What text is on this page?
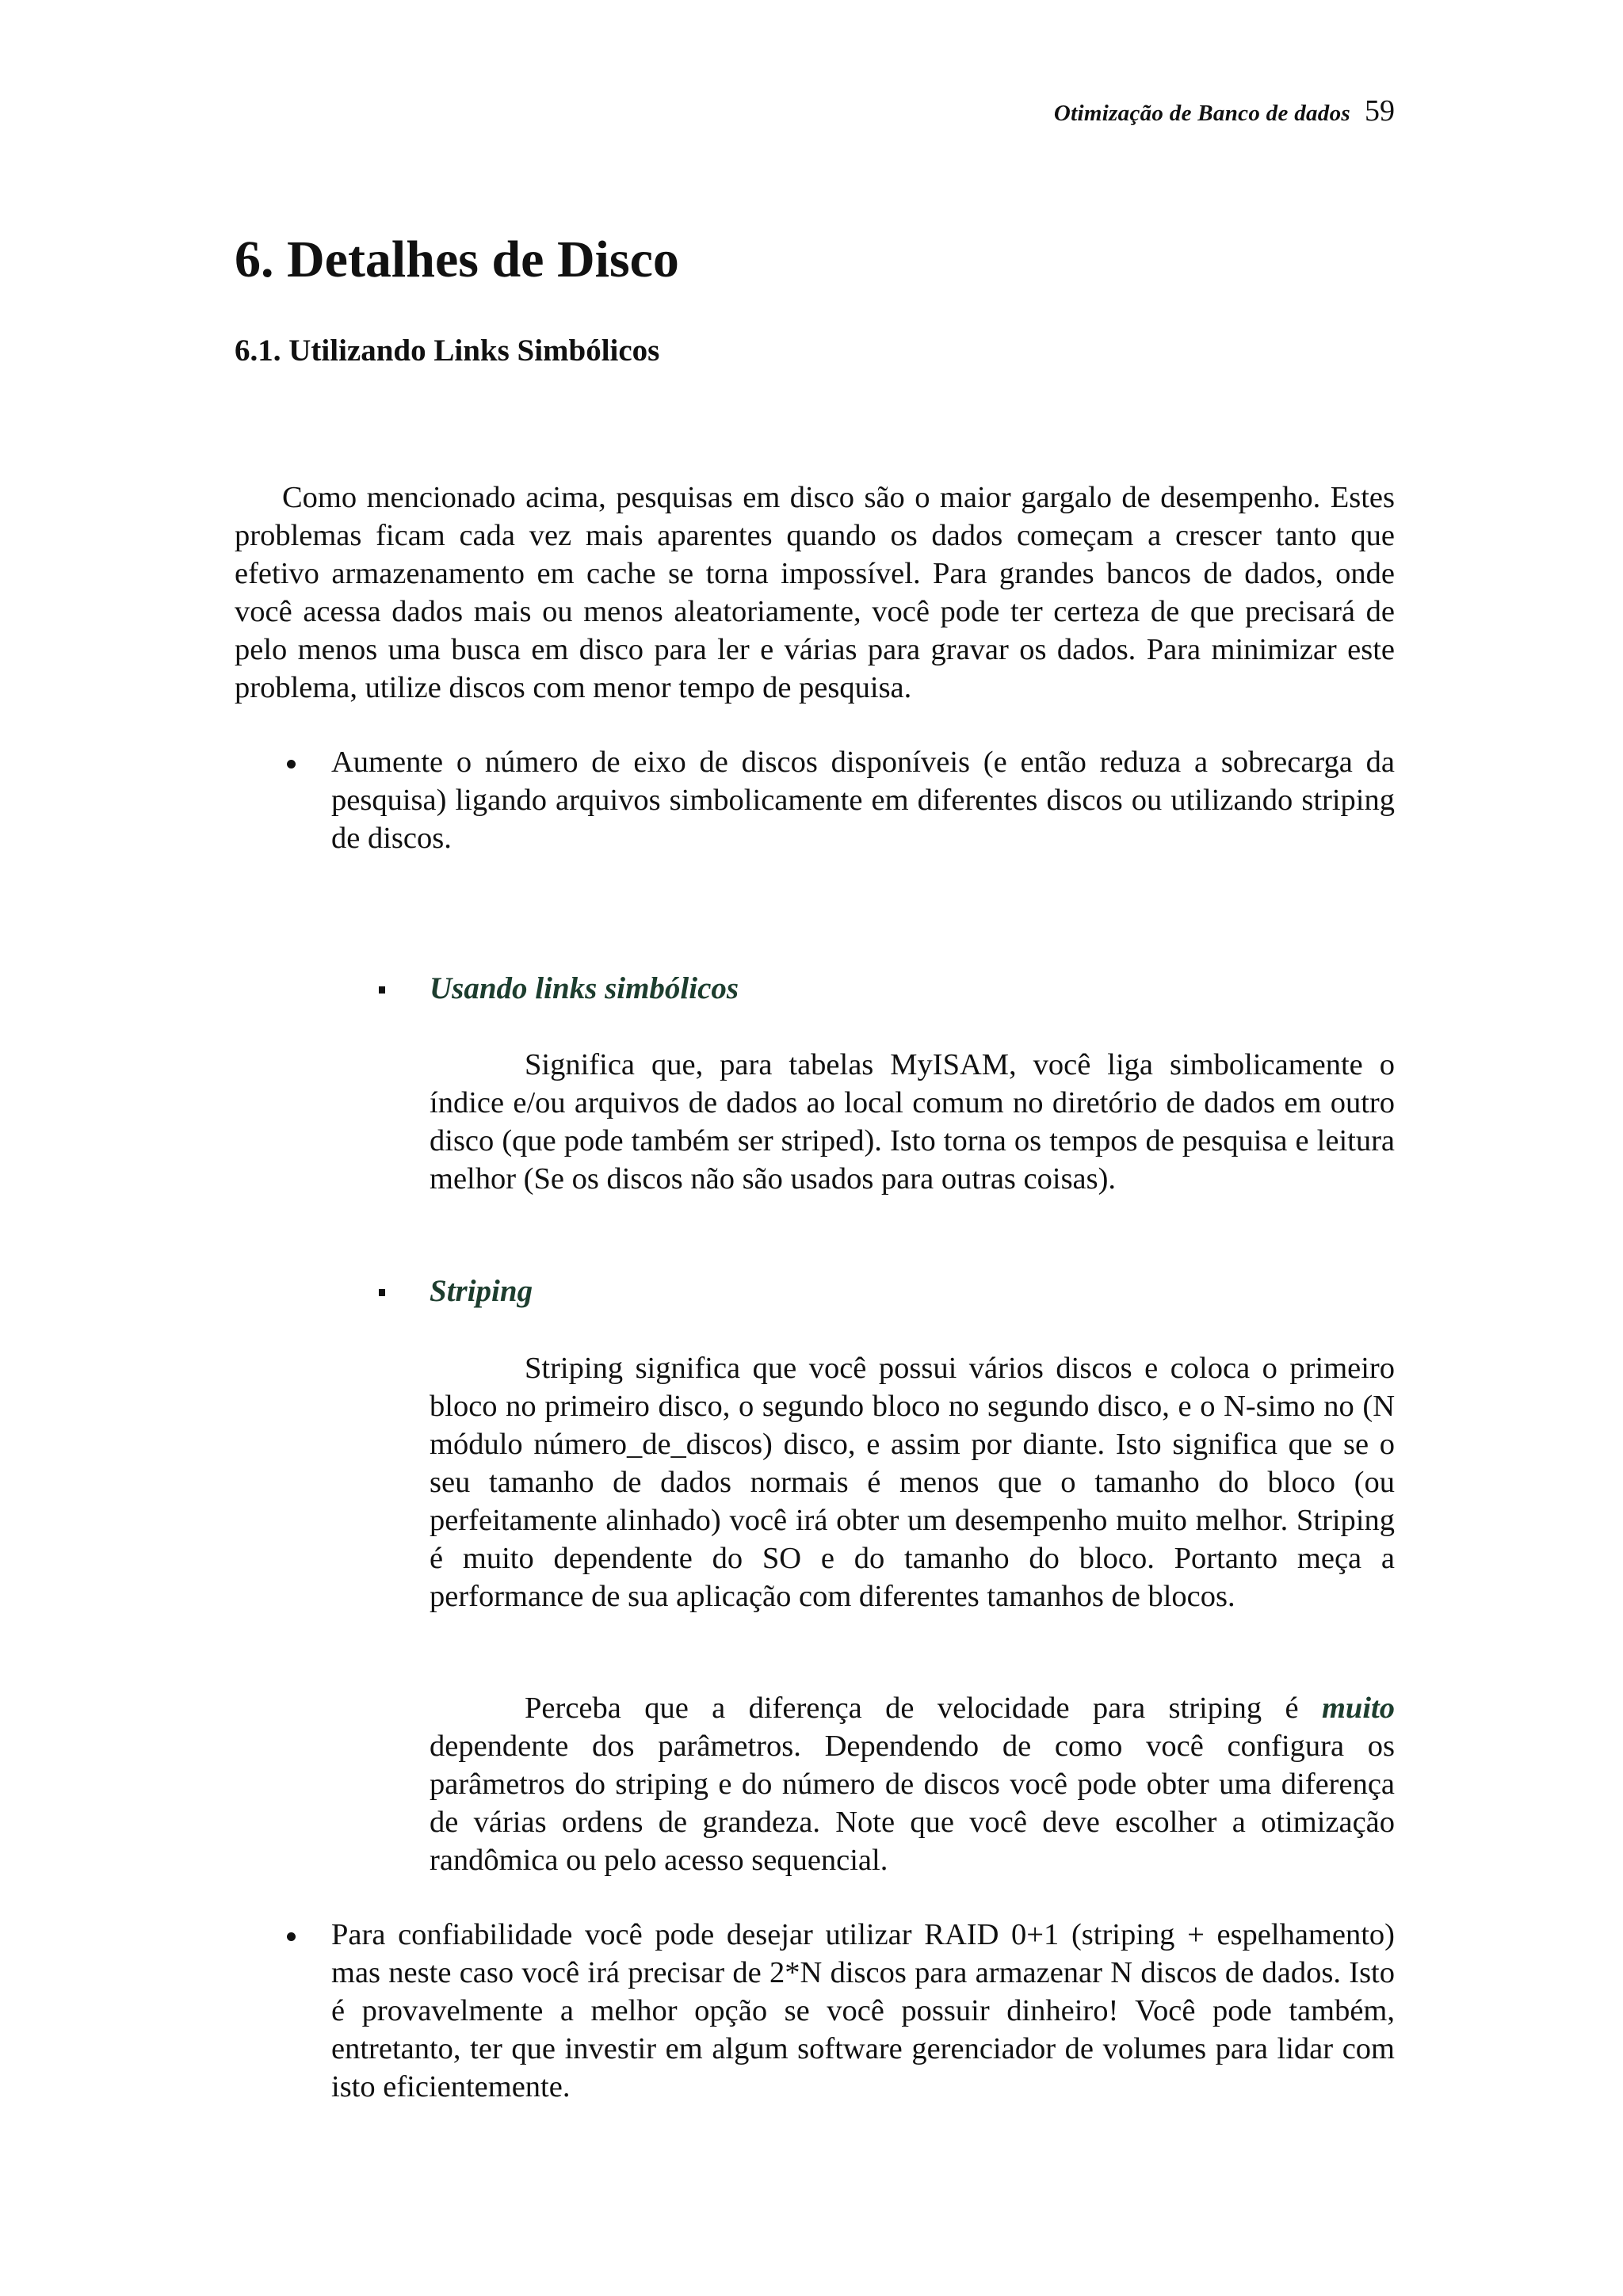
Otimização de Banco de dados 59
6. Detalhes de Disco
6.1. Utilizando Links Simbólicos

Como mencionado acima, pesquisas em disco são o maior gargalo de desempenho. Estes problemas ficam cada vez mais aparentes quando os dados começam a crescer tanto que efetivo armazenamento em cache se torna impossível. Para grandes bancos de dados, onde você acessa dados mais ou menos aleatoriamente, você pode ter certeza de que precisará de pelo menos uma busca em disco para ler e várias para gravar os dados. Para minimizar este problema, utilize discos com menor tempo de pesquisa.

Aumente o número de eixo de discos disponíveis (e então reduza a sobrecarga da pesquisa) ligando arquivos simbolicamente em diferentes discos ou utilizando striping de discos.
Usando links simbólicos

Significa que, para tabelas MyISAM, você liga simbolicamente o índice e/ou arquivos de dados ao local comum no diretório de dados em outro disco (que pode também ser striped). Isto torna os tempos de pesquisa e leitura melhor (Se os discos não são usados para outras coisas).

Striping

Striping significa que você possui vários discos e coloca o primeiro bloco no primeiro disco, o segundo bloco no segundo disco, e o N-simo no (N módulo número_de_discos) disco, e assim por diante. Isto significa que se o seu tamanho de dados normais é menos que o tamanho do bloco (ou perfeitamente alinhado) você irá obter um desempenho muito melhor. Striping é muito dependente do SO e do tamanho do bloco. Portanto meça a performance de sua aplicação com diferentes tamanhos de blocos.

Perceba que a diferença de velocidade para striping é muito dependente dos parâmetros. Dependendo de como você configura os parâmetros do striping e do número de discos você pode obter uma diferença de várias ordens de grandeza. Note que você deve escolher a otimização randômica ou pelo acesso sequencial.

Para confiabilidade você pode desejar utilizar RAID 0+1 (striping + espelhamento) mas neste caso você irá precisar de 2*N discos para armazenar N discos de dados. Isto é provavelmente a melhor opção se você possuir dinheiro! Você pode também, entretanto, ter que investir em algum software gerenciador de volumes para lidar com isto eficientemente.
